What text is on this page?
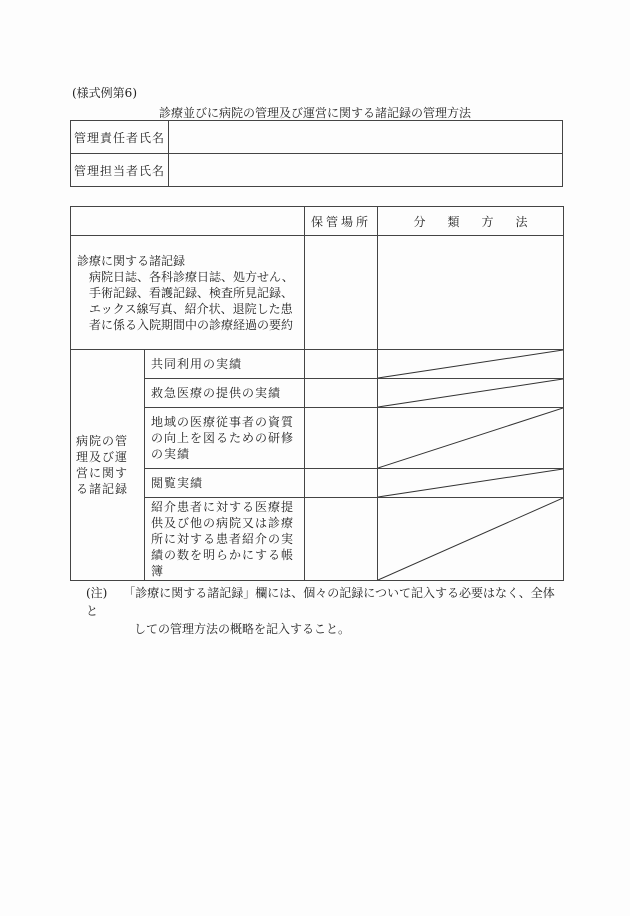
(様式例第6)
診療並びに病院の管理及び運営に関する諸記録の管理方法
管理責任者氏名	
管理担当者氏名	
		保管場所	分 類 方 法

診療に関する諸記録
病院日誌、各科診療日誌、処方せん、手術記録、看護記録、検査所見記録、エックス線写真、紹介状、退院した患者に係る入院期間中の診療経過の要約			

病院の管理及び運営に関する諸記録	共同利用の実績		

	救急医療の提供の実績		

	地域の医療従事者の資質の向上を図るための研修の実績		

	閲覧実績		

	紹介患者に対する医療提供及び他の病院又は診療所に対する患者紹介の実績の数を明らかにする帳簿		
(注)　 「診療に関する諸記録」欄には、個々の記録について記入する必要はなく、全体と
しての管理方法の概略を記入すること。
